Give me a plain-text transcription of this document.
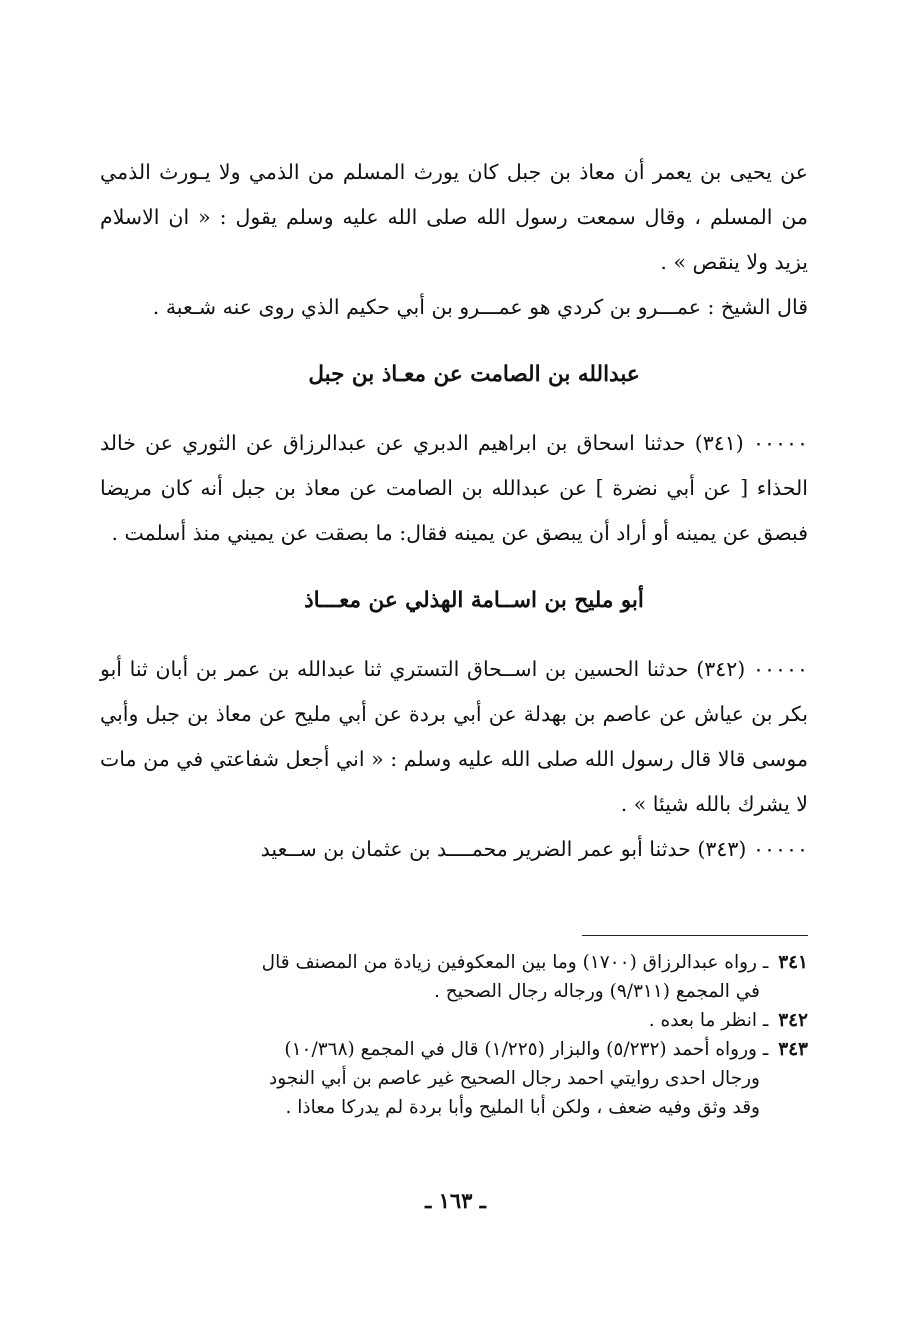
عن يحيى بن يعمر أن معاذ بن جبل كان يورث المسلم من الذمي ولا يـورث الذمي من المسلم ، وقال سمعت رسول الله صلى الله عليه وسلم يقول : « ان الاسلام يزيد ولا ينقص » .

قال الشيخ : عمـــرو بن كردي هو عمـــرو بن أبي حكيم الذي روى عنه شـعبة .

عبدالله بن الصامت عن معـاذ بن جبل

٠٠٠٠٠ (٣٤١) حدثنا اسحاق بن ابراهيم الدبري عن عبدالرزاق عن الثوري عن خالد الحذاء [ عن أبي نضرة ] عن عبدالله بن الصامت عن معاذ بن جبل أنه كان مريضا فبصق عن يمينه أو أراد أن يبصق عن يمينه فقال: ما بصقت عن يميني منذ أسلمت .

أبو مليح بن اســامة الهذلي عن معـــاذ

٠٠٠٠٠ (٣٤٢) حدثنا الحسين بن اســحاق التستري ثنا عبدالله بن عمر بن أبان ثنا أبو بكر بن عياش عن عاصم بن بهدلة عن أبي بردة عن أبي مليح عن معاذ بن جبل وأبي موسى قالا قال رسول الله صلى الله عليه وسلم : « اني أجعل شفاعتي في من مات لا يشرك بالله شيئا » .

٠٠٠٠٠ (٣٤٣) حدثنا أبو عمر الضرير محمــــد بن عثمان بن ســعيد

٣٤١ ـ رواه عبدالرزاق (١٧٠٠) وما بين المعكوفين زيادة من المصنف قال

في المجمع (٩/٣١١) ورجاله رجال الصحيح .

٣٤٢ ـ انظر ما بعده .

٣٤٣ ـ ورواه أحمد (٥/٢٣٢) والبزار (١/٢٢٥) قال في المجمع (١٠/٣٦٨)

ورجال احدى روايتي احمد رجال الصحيح غير عاصم بن أبي النجود

وقد وثق وفيه ضعف ، ولكن أبا المليح وأبا بردة لم يدركا معاذا .

ـ ١٦٣ ـ
